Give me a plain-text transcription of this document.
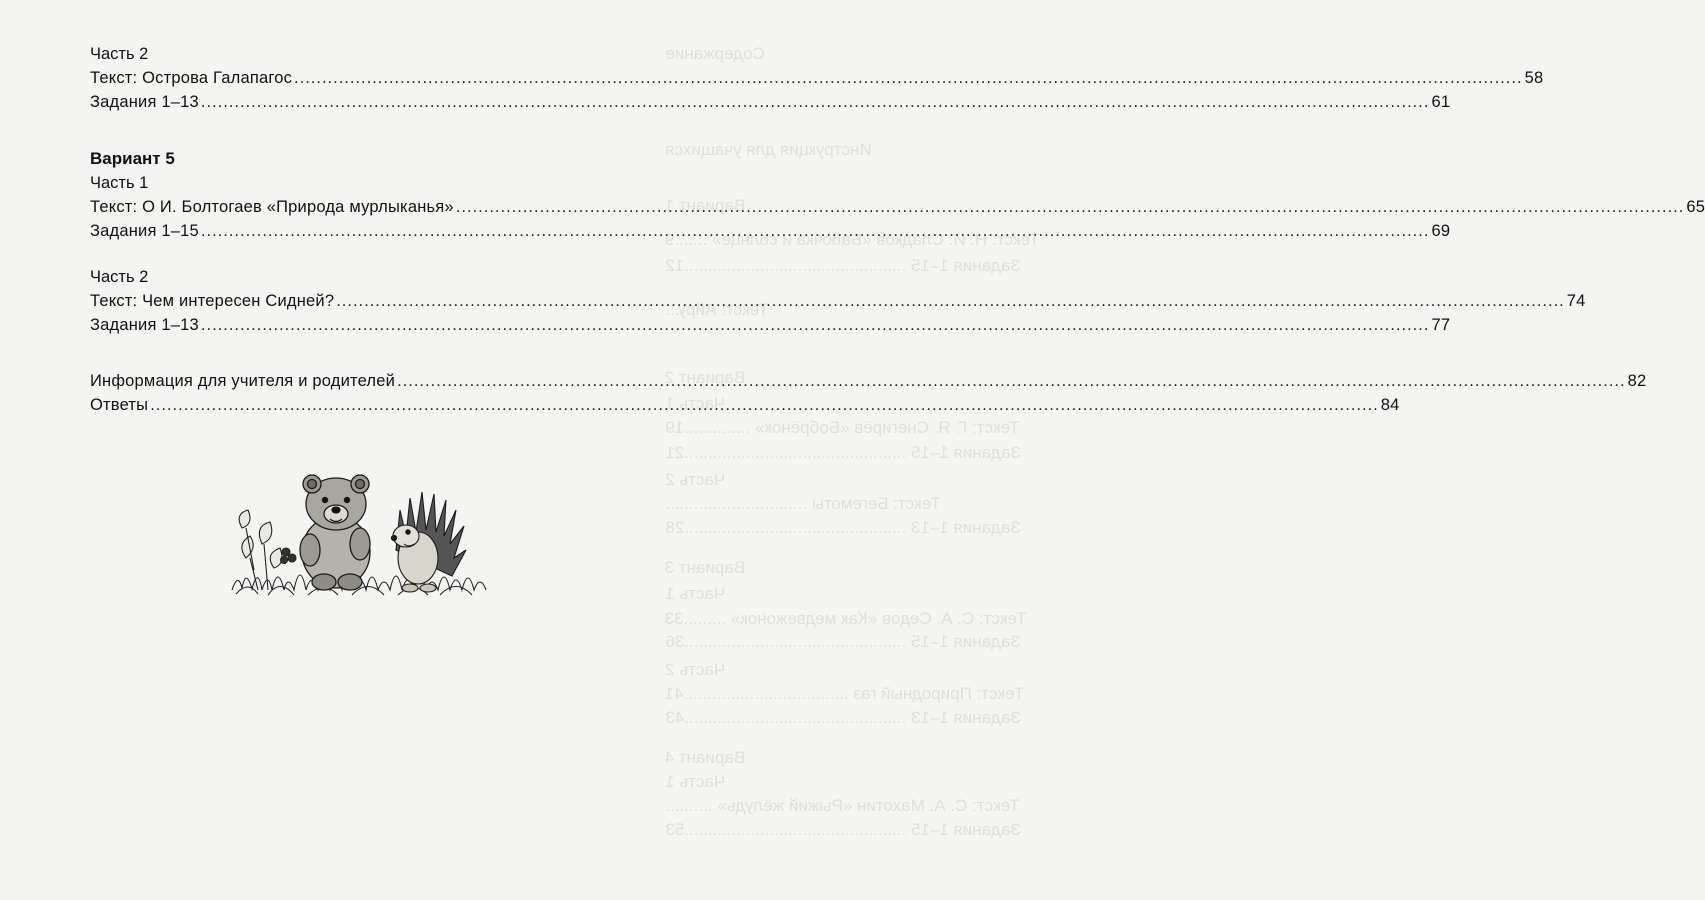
Содержание
Инструкция для учащихся
Вариант 1
Текст: Н. И. Сладков «Бабочка и солнце» .......9
Задания 1–15 ...............................................12
Текст: Айру...
Вариант 2
Часть 1
Текст: Г. Я. Снегирёв «Бобрёнок» ..............19
Задания 1–15 ...............................................21
Часть 2
Текст: Бегемоты ..............................
Задания 1–13 ...............................................28
Вариант 3
Часть 1
Текст: С. А. Седов «Как медвежонок» .........33
Задания 1–15 ...............................................36
Часть 2
Текст: Природный газ ...................................41
Задания 1–13 ...............................................43
Вариант 4
Часть 1
Текст: С. А. Махотин «Рыжий жёлудь» ..........
Задания 1–15 ...............................................53
Часть 2
Текст: Острова Галапагос .....	58
Задания 1–13 .....	61
Вариант 5
Часть 1
Текст: О И. Болтогаев «Природа мурлыканья» .....	65
Задания 1–15 .....	69
Часть 2
Текст: Чем интересен Сидней? .....	74
Задания 1–13 .....	77
Информация для учителя и родителей .....	82
Ответы .....	84
